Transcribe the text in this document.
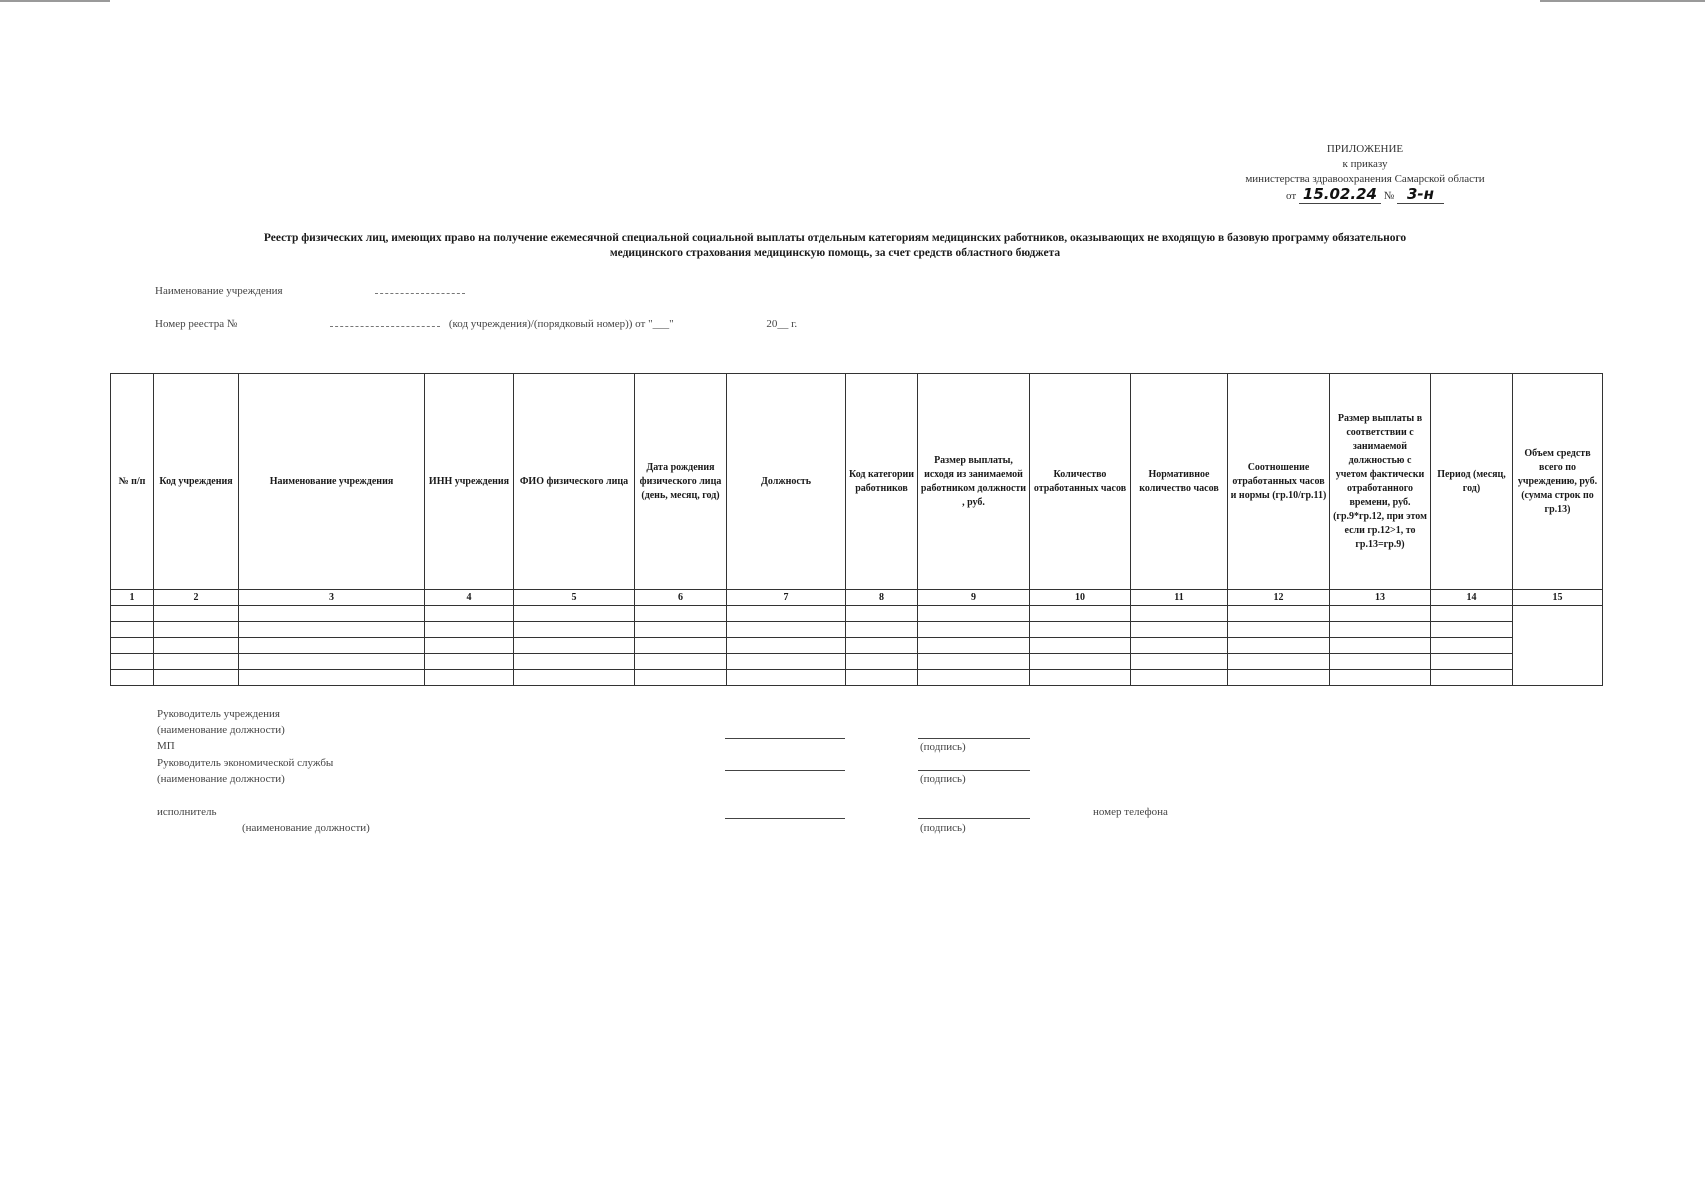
ПРИЛОЖЕНИЕ
к приказу
министерства здравоохранения Самарской области
от 15.02.24 № 3-н
Реестр физических лиц, имеющих право на получение ежемесячной специальной социальной выплаты отдельным категориям медицинских работников, оказывающих не входящую в базовую программу обязательного
медицинского страхования медицинскую помощь, за счет средств областного бюджета
Наименование учреждения
Номер реестра №	(код учреждения)/(порядковый номер)) от "___"	20__ г.
№ п/п	Код учреждения	Наименование учреждения	ИНН учреждения	ФИО физического лица	Дата рождения физического лица (день, месяц, год)	Должность	Код категории работников	Размер выплаты, исходя из занимаемой работником должности , руб.	Количество отработанных часов	Нормативное количество часов	Соотношение отработанных часов и нормы (гр.10/гр.11)	Размер выплаты в соответствии с занимаемой должностью с учетом фактически отработанного времени, руб. (гр.9*гр.12, при этом если гр.12>1, то гр.13=гр.9)	Период (месяц, год)	Объем средств всего по учреждению, руб. (сумма строк по гр.13)
1	2	3	4	5	6	7	8	9	10	11	12	13	14	15

Руководитель учреждения
(наименование должности)
МП	(подпись)
Руководитель экономической службы
(наименование должности)	(подпись)
исполнитель	номер телефона
(наименование должности)	(подпись)
